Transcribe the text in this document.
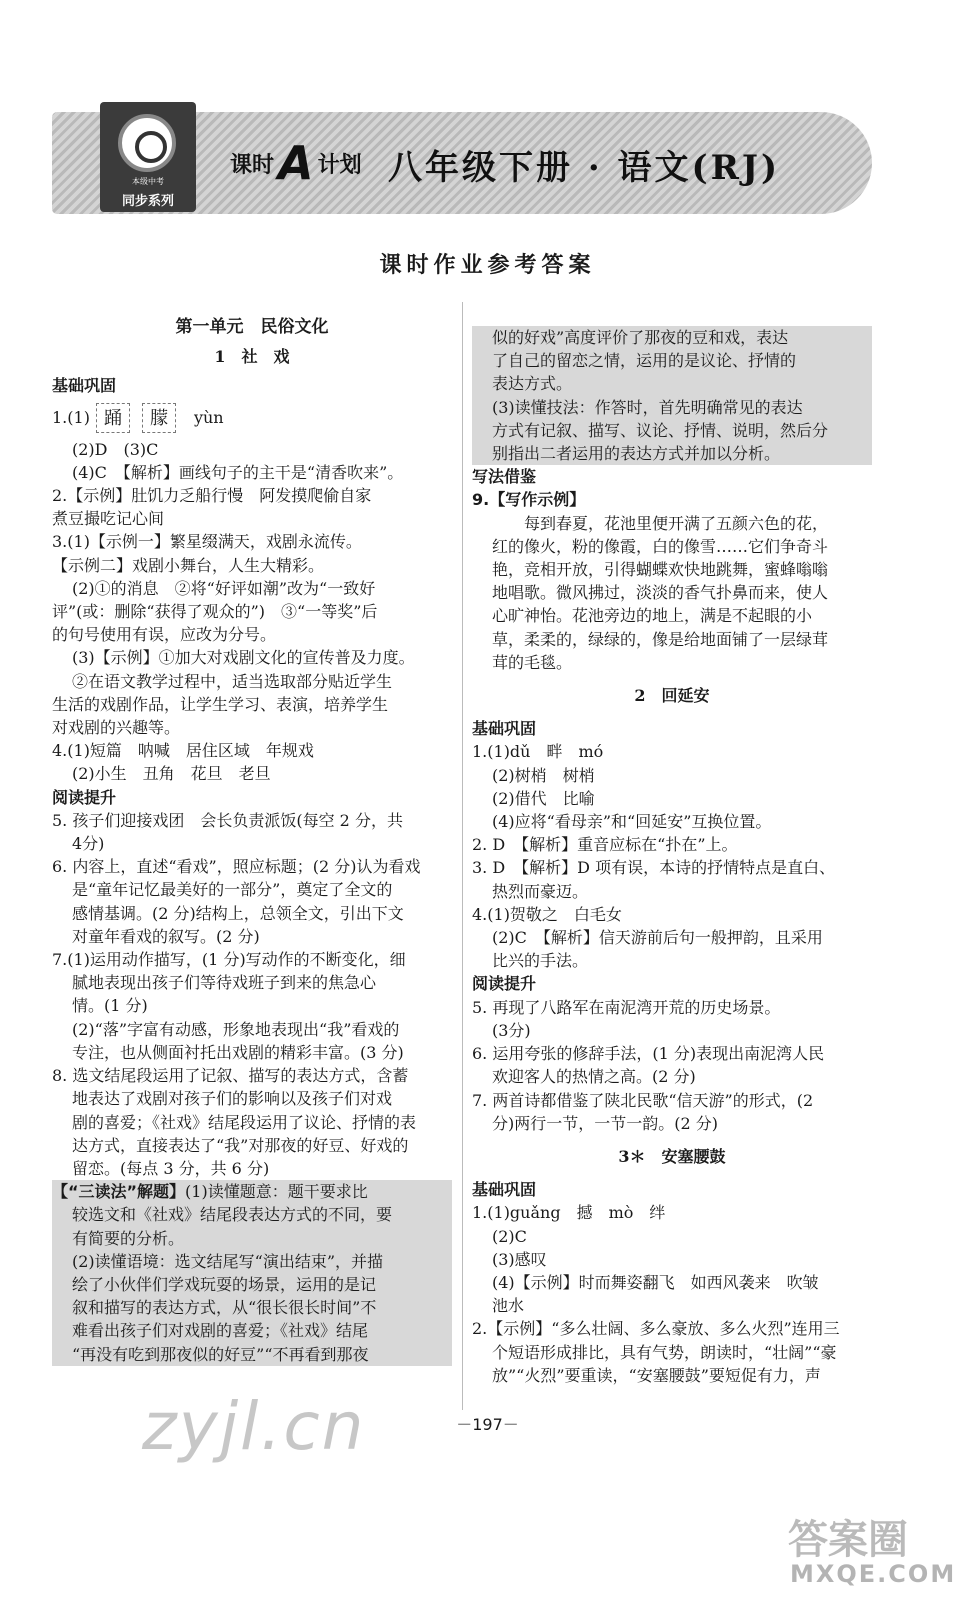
本级中考
同步系列
课时 A 计划 八年级下册 · 语文(RJ)
课时作业参考答案

第一单元　民俗文化

1　社　戏

基础巩固

1.(1) 踊 朦 yùn

(2)D　(3)C

(4)C　【解析】画线句子的主干是“清香吹来”。

2.【示例】肚饥力乏船行慢　阿发摸爬偷自家

煮豆撮吃记心间

3.(1)【示例一】繁星缀满天，戏剧永流传。

【示例二】戏剧小舞台，人生大精彩。

(2)①的消息　②将“好评如潮”改为“一致好

评”(或：删除“获得了观众的”)　③“一等奖”后

的句号使用有误，应改为分号。

(3)【示例】①加大对戏剧文化的宣传普及力度。

②在语文教学过程中，适当选取部分贴近学生

生活的戏剧作品，让学生学习、表演，培养学生

对戏剧的兴趣等。

4.(1)短篇　呐喊　居住区域　年规戏

(2)小生　丑角　花旦　老旦

阅读提升

5. 孩子们迎接戏团　会长负责派饭(每空 2 分，共

4分)

6. 内容上，直述“看戏”，照应标题；(2 分)认为看戏

是“童年记忆最美好的一部分”，奠定了全文的

感情基调。(2 分)结构上，总领全文，引出下文

对童年看戏的叙写。(2 分)

7.(1)运用动作描写，(1 分)写动作的不断变化，细

腻地表现出孩子们等待戏班子到来的焦急心

情。(1 分)

(2)“落”字富有动感，形象地表现出“我”看戏的

专注，也从侧面衬托出戏剧的精彩丰富。(3 分)

8. 选文结尾段运用了记叙、描写的表达方式，含蓄

地表达了戏剧对孩子们的影响以及孩子们对戏

剧的喜爱；《社戏》结尾段运用了议论、抒情的表

达方式，直接表达了“我”对那夜的好豆、好戏的

留恋。(每点 3 分，共 6 分)

【“三读法”解题】(1)读懂题意：题干要求比

较选文和《社戏》结尾段表达方式的不同，要

有简要的分析。

(2)读懂语境：选文结尾写“演出结束”，并描

绘了小伙伴们学戏玩耍的场景，运用的是记

叙和描写的表达方式，从“很长很长时间”不

难看出孩子们对戏剧的喜爱；《社戏》结尾

“再没有吃到那夜似的好豆”“不再看到那夜

似的好戏”高度评价了那夜的豆和戏，表达

了自己的留恋之情，运用的是议论、抒情的

表达方式。

(3)读懂技法：作答时，首先明确常见的表达

方式有记叙、描写、议论、抒情、说明，然后分

别指出二者运用的表达方式并加以分析。

写法借鉴

9.【写作示例】

　　每到春夏，花池里便开满了五颜六色的花，

红的像火，粉的像霞，白的像雪……它们争奇斗

艳，竞相开放，引得蝴蝶欢快地跳舞，蜜蜂嗡嗡

地唱歌。微风拂过，淡淡的香气扑鼻而来，使人

心旷神怡。花池旁边的地上，满是不起眼的小

草，柔柔的，绿绿的，像是给地面铺了一层绿茸

茸的毛毯。

2　回延安

基础巩固

1.(1)dǔ　畔　mó

(2)树梢　树梢

(2)借代　比喻

(4)应将“看母亲”和“回延安”互换位置。

2. D　【解析】重音应标在“扑在”上。

3. D　【解析】D 项有误，本诗的抒情特点是直白、

热烈而豪迈。

4.(1)贺敬之　白毛女

(2)C　【解析】信天游前后句一般押韵，且采用

比兴的手法。

阅读提升

5. 再现了八路军在南泥湾开荒的历史场景。

(3分)

6. 运用夸张的修辞手法，(1 分)表现出南泥湾人民

欢迎客人的热情之高。(2 分)

7. 两首诗都借鉴了陕北民歌“信天游”的形式，(2

分)两行一节，一节一韵。(2 分)

3＊　安塞腰鼓

基础巩固

1.(1)guǎng　撼　mò　绊

(2)C

(3)感叹

(4)【示例】时而舞姿翻飞　如西风袭来　吹皱

池水

2.【示例】“多么壮阔、多么豪放、多么火烈”连用三

个短语形成排比，具有气势，朗读时，“壮阔”“豪

放”“火烈”要重读，“安塞腰鼓”要短促有力，声

－197－
zyjl.cn
答案圈
MXQE.COM
